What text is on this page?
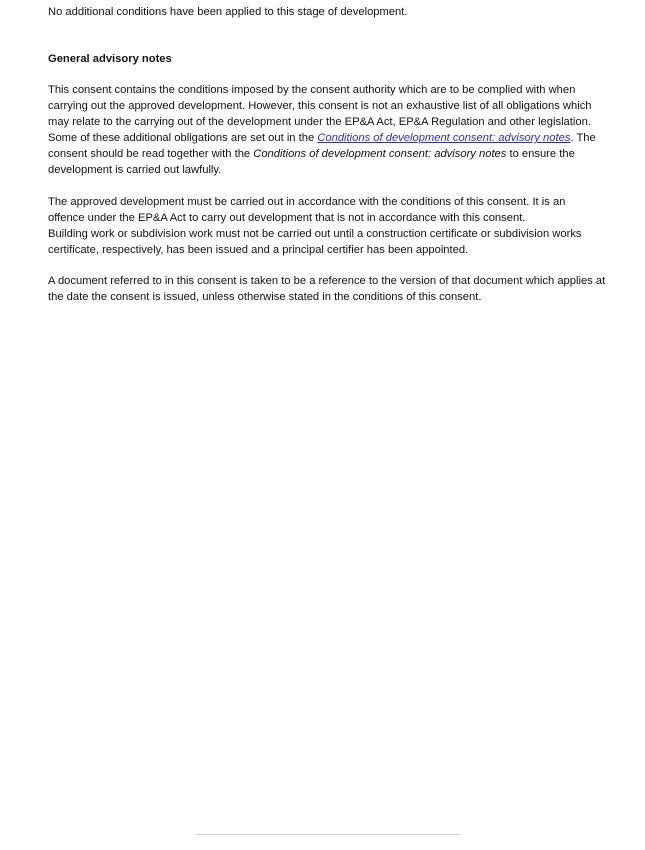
No additional conditions have been applied to this stage of development.

General advisory notes

This consent contains the conditions imposed by the consent authority which are to be complied with when carrying out the approved development. However, this consent is not an exhaustive list of all obligations which may relate to the carrying out of the development under the EP&A Act, EP&A Regulation and other legislation. Some of these additional obligations are set out in the Conditions of development consent: advisory notes. The consent should be read together with the Conditions of development consent: advisory notes to ensure the development is carried out lawfully.

The approved development must be carried out in accordance with the conditions of this consent. It is an offence under the EP&A Act to carry out development that is not in accordance with this consent.

Building work or subdivision work must not be carried out until a construction certificate or subdivision works certificate, respectively, has been issued and a principal certifier has been appointed.

A document referred to in this consent is taken to be a reference to the version of that document which applies at the date the consent is issued, unless otherwise stated in the conditions of this consent.
